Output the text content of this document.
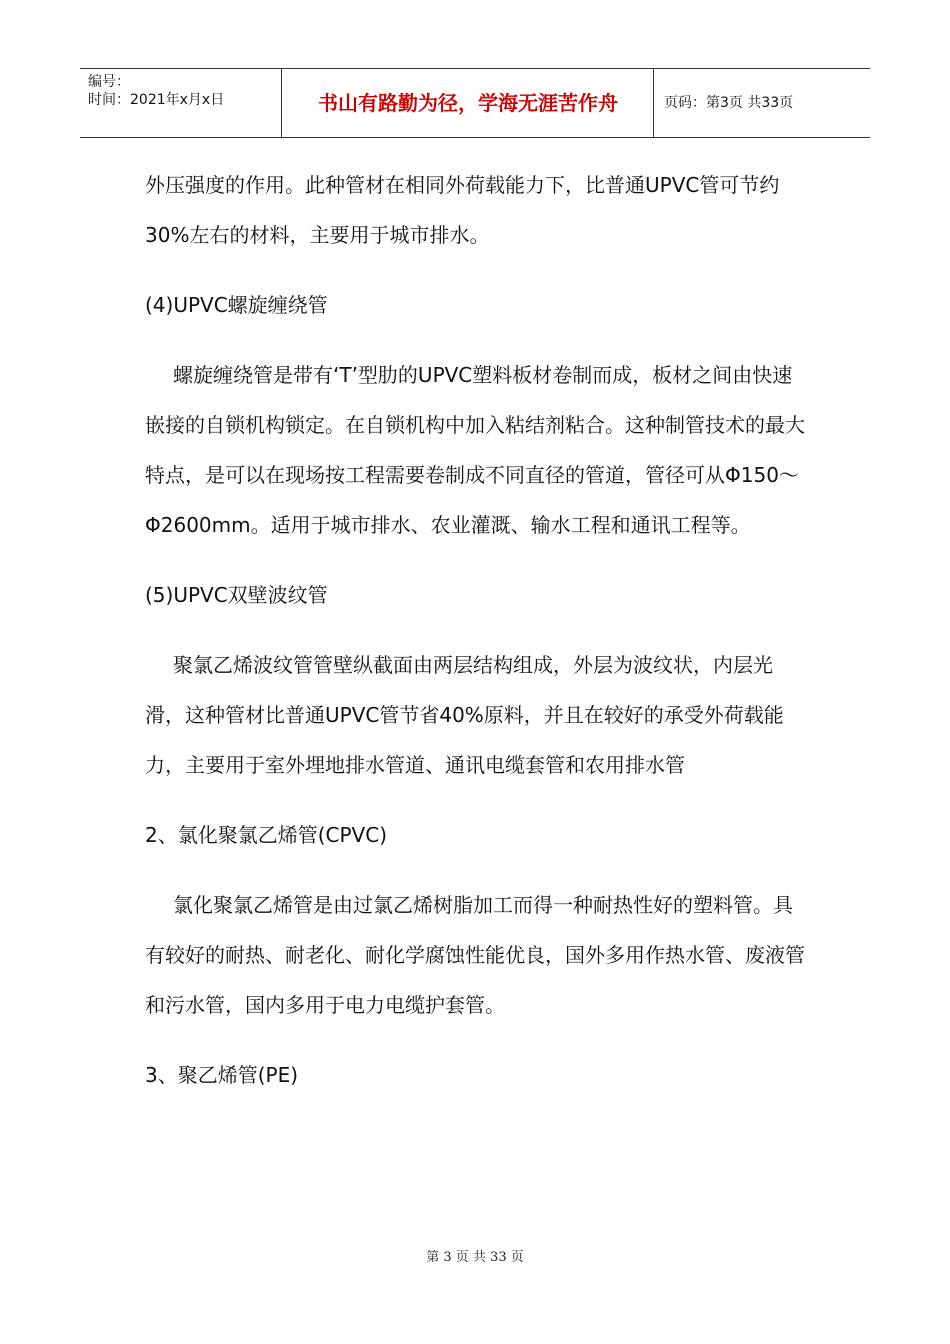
编号：
时间：2021年x月x日	书山有路勤为径，学海无涯苦作舟	页码：第3页 共33页

外压强度的作用。此种管材在相同外荷载能力下，比普通UPVC管可节约30%左右的材料，主要用于城市排水。

(4)UPVC螺旋缠绕管

螺旋缠绕管是带有‘T’型肋的UPVC塑料板材卷制而成，板材之间由快速嵌接的自锁机构锁定。在自锁机构中加入粘结剂粘合。这种制管技术的最大特点，是可以在现场按工程需要卷制成不同直径的管道，管径可从Φ150～Φ2600mm。适用于城市排水、农业灌溉、输水工程和通讯工程等。

(5)UPVC双壁波纹管

聚氯乙烯波纹管管壁纵截面由两层结构组成，外层为波纹状，内层光滑，这种管材比普通UPVC管节省40%原料，并且在较好的承受外荷载能力，主要用于室外埋地排水管道、通讯电缆套管和农用排水管

2、氯化聚氯乙烯管(CPVC)

氯化聚氯乙烯管是由过氯乙烯树脂加工而得一种耐热性好的塑料管。具有较好的耐热、耐老化、耐化学腐蚀性能优良，国外多用作热水管、废液管和污水管，国内多用于电力电缆护套管。

3、聚乙烯管(PE)

第 3 页 共 33 页
